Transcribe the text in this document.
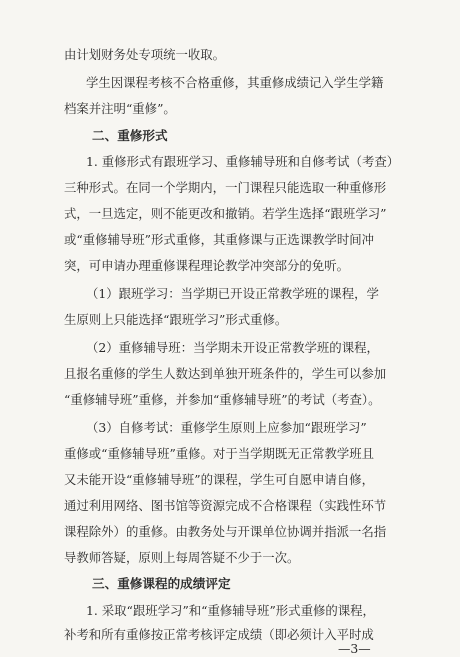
由计划财务处专项统一收取。
学生因课程考核不合格重修，其重修成绩记入学生学籍
档案并注明“重修”。
二、重修形式
1. 重修形式有跟班学习、重修辅导班和自修考试（考查）
三种形式。在同一个学期内，一门课程只能选取一种重修形
式，一旦选定，则不能更改和撤销。若学生选择“跟班学习”
或“重修辅导班”形式重修，其重修课与正选课教学时间冲
突，可申请办理重修课程理论教学冲突部分的免听。
（1）跟班学习：当学期已开设正常教学班的课程，学
生原则上只能选择“跟班学习”形式重修。
（2）重修辅导班：当学期未开设正常教学班的课程，
且报名重修的学生人数达到单独开班条件的，学生可以参加
“重修辅导班”重修，并参加“重修辅导班”的考试（考查）。
（3）自修考试：重修学生原则上应参加“跟班学习”
重修或“重修辅导班”重修。对于当学期既无正常教学班且
又未能开设“重修辅导班”的课程，学生可自愿申请自修，
通过利用网络、图书馆等资源完成不合格课程（实践性环节
课程除外）的重修。由教务处与开课单位协调并指派一名指
导教师答疑，原则上每周答疑不少于一次。
三、重修课程的成绩评定
1. 采取“跟班学习”和“重修辅导班”形式重修的课程，
补考和所有重修按正常考核评定成绩（即必须计入平时成
—3—
